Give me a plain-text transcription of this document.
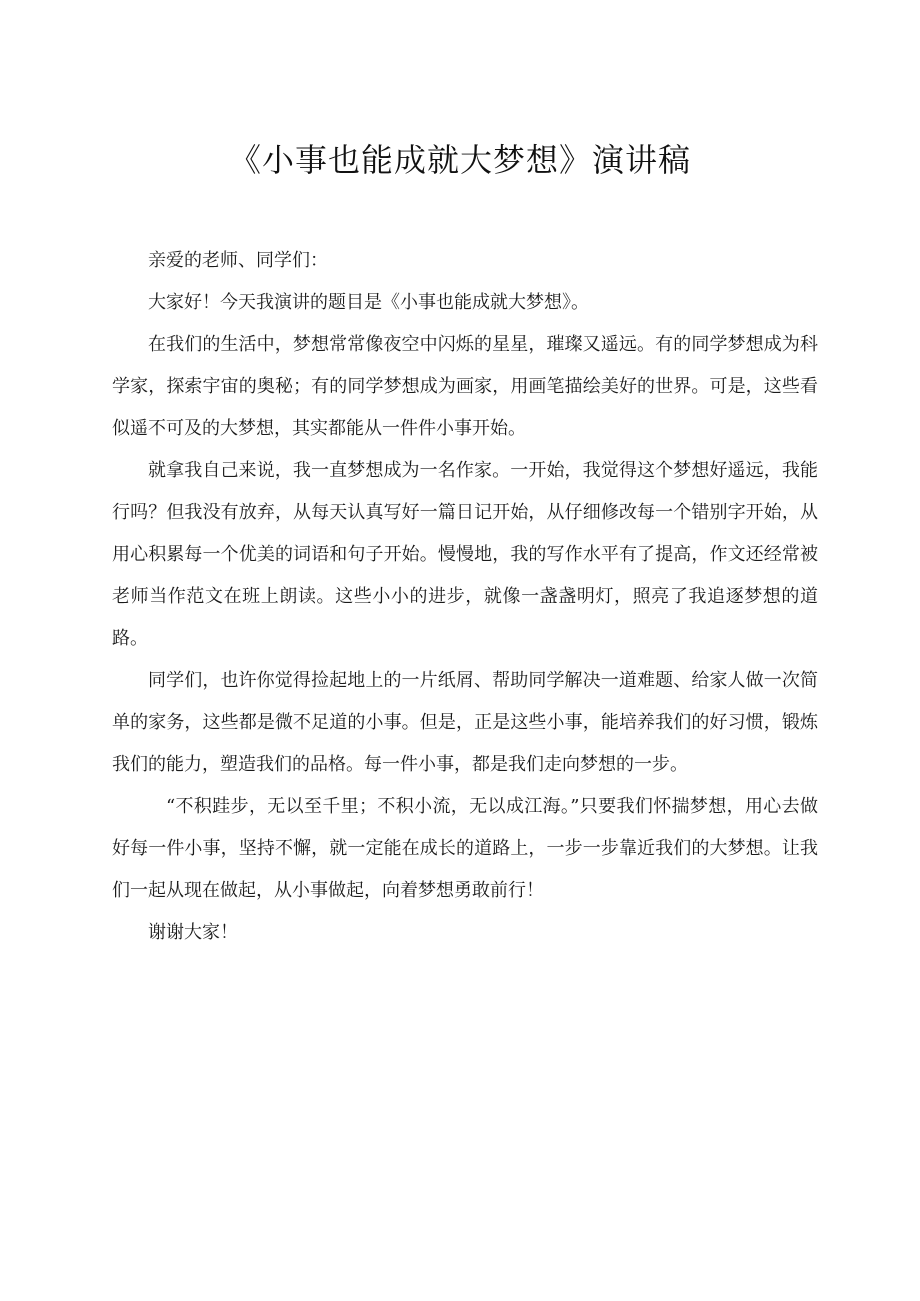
《小事也能成就大梦想》演讲稿

亲爱的老师、同学们：

大家好！今天我演讲的题目是《小事也能成就大梦想》。

在我们的生活中，梦想常常像夜空中闪烁的星星，璀璨又遥远。有的同学梦想成为科学家，探索宇宙的奥秘；有的同学梦想成为画家，用画笔描绘美好的世界。可是，这些看似遥不可及的大梦想，其实都能从一件件小事开始。

就拿我自己来说，我一直梦想成为一名作家。一开始，我觉得这个梦想好遥远，我能行吗？但我没有放弃，从每天认真写好一篇日记开始，从仔细修改每一个错别字开始，从用心积累每一个优美的词语和句子开始。慢慢地，我的写作水平有了提高，作文还经常被老师当作范文在班上朗读。这些小小的进步，就像一盏盏明灯，照亮了我追逐梦想的道路。

同学们，也许你觉得捡起地上的一片纸屑、帮助同学解决一道难题、给家人做一次简单的家务，这些都是微不足道的小事。但是，正是这些小事，能培养我们的好习惯，锻炼我们的能力，塑造我们的品格。每一件小事，都是我们走向梦想的一步。

“不积跬步，无以至千里；不积小流，无以成江海。”只要我们怀揣梦想，用心去做好每一件小事，坚持不懈，就一定能在成长的道路上，一步一步靠近我们的大梦想。让我们一起从现在做起，从小事做起，向着梦想勇敢前行！

谢谢大家！
